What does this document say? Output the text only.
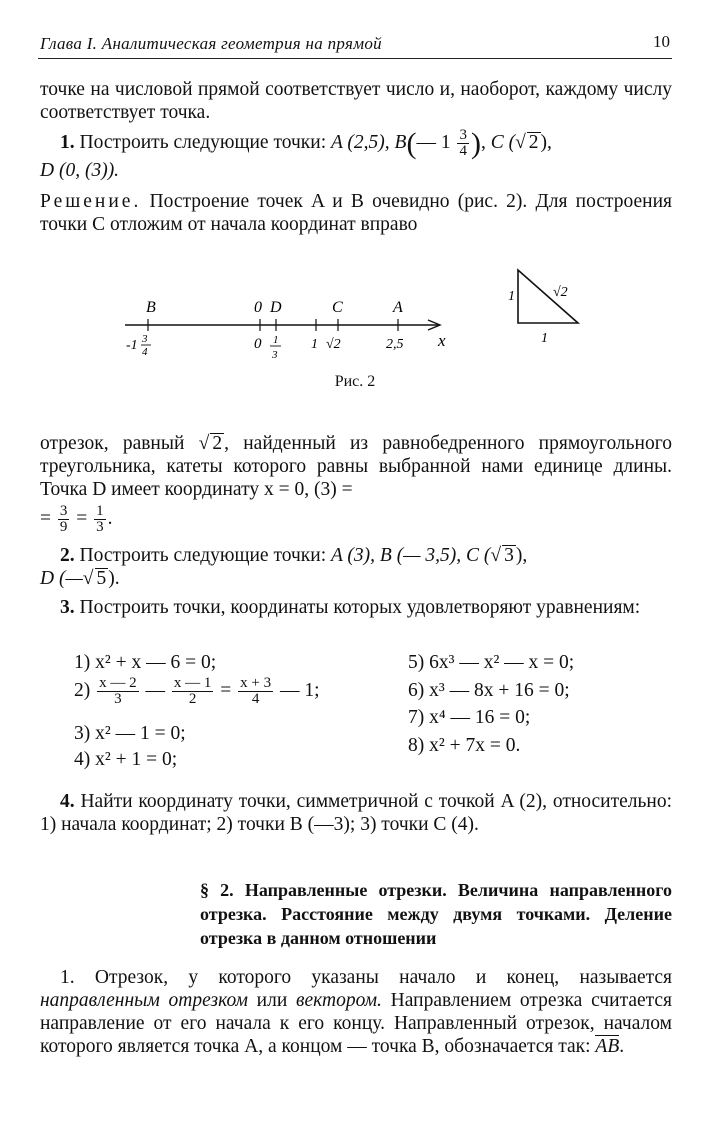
Глава I. Аналитическая геометрия на прямой	10
точке на числовой прямой соответствует число и, наоборот, каждому числу соответствует точка.
1. Построить следующие точки: A (2,5), B(— $1 \frac{3}{4}$ ), C (√ 2 ),
D (0, (3)).
Решение. Построение точек A и B очевидно (рис. 2). Для построения точки C отложим от начала координат вправо
B	0 D	C	A
-1 3
4	0 1
3
1 √2	2,5 x
1
1
√2
Рис. 2
отрезок, равный √ 2 , найденный из равнобедренного прямоугольного треугольника, катеты которого равны выбранной нами единице длины. Точка D имеет координату x = 0, (3) =
= $\frac{3}{9} = \frac{1}{3}$ .
2. Построить следующие точки: A (3), B (— 3,5), C (√ 3 ),
D (—√ 5 ).
3. Построить точки, координаты которых удовлетворяют уравнениям:
1) x² + x — 6 = 0;
$2) \frac{x — 2}{3}$ — $\frac{x — 1}{2} = \frac{x + 3}{4}$ — 1;
3) x² — 1 = 0;
4) x² + 1 = 0;
5) 6x³ — x² — x = 0;
6) x³ — 8x + 16 = 0;
7) x⁴ — 16 = 0;
8) x² + 7x = 0.
4. Найти координату точки, симметричной с точкой A (2), относительно: 1) начала координат; 2) точки B (—3); 3) точки C (4).
§ 2. Направленные отрезки. Величина направленного отрезка. Расстояние между двумя точками. Деление отрезка в данном отношении
1. Отрезок, у которого указаны начало и конец, называется направленным отрезком или вектором. Направлением отрезка считается направление от его начала к его концу. Направленный отрезок, началом которого является точка A, а концом — точка B, обозначается так: AB.
